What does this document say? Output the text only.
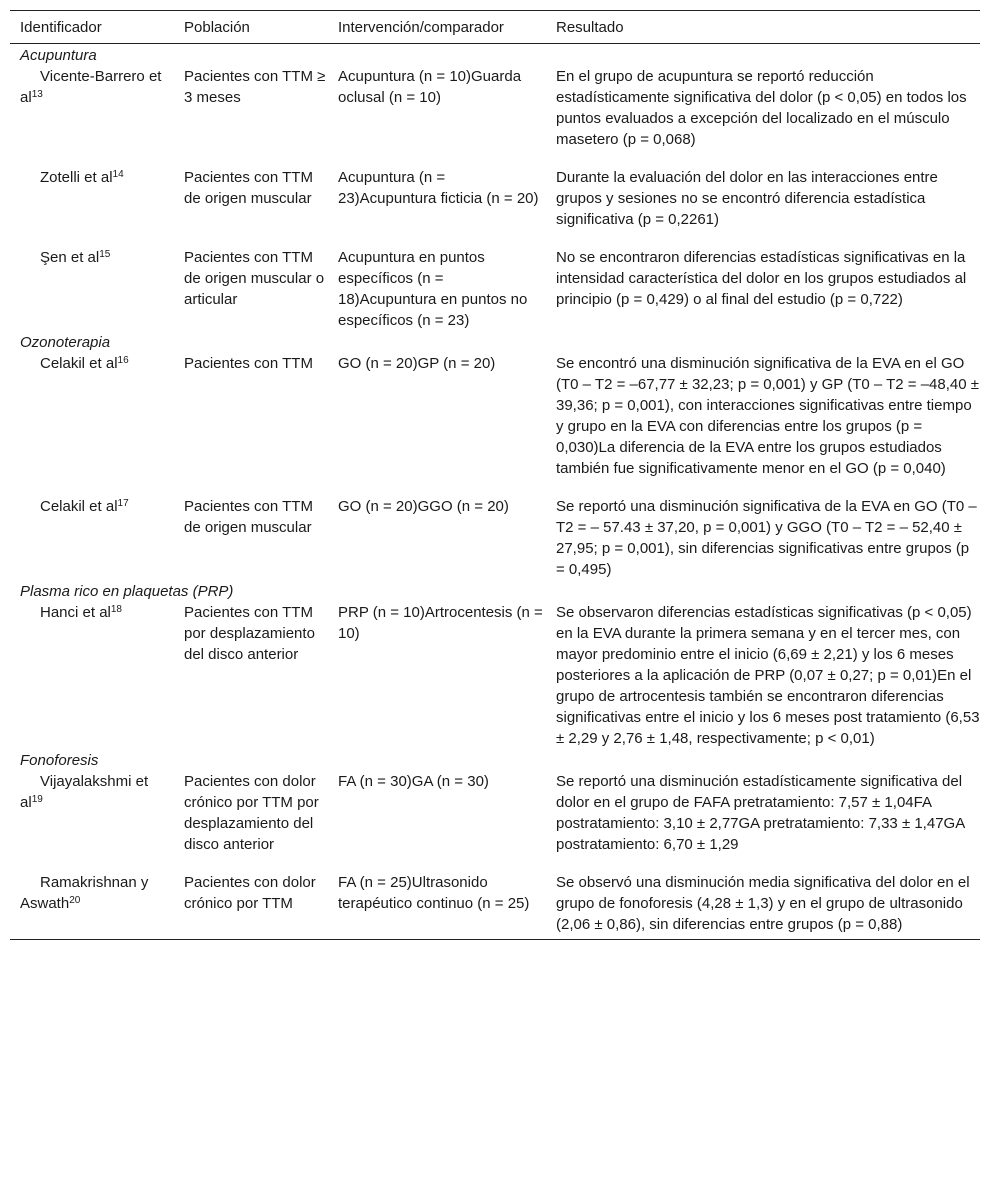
Identificador	Población	Intervención/comparador	Resultado
Acupuntura			
Vicente-Barrero et $al^{13}$	Pacientes con TTM ≥ 3 meses	Acupuntura (n = 10)Guarda oclusal (n = 10)	En el grupo de acupuntura se reportó reducción estadísticamente significativa del dolor (p < 0,05) en todos los puntos evaluados a excepción del localizado en el músculo masetero (p = 0,068)
Zotelli et $al^{14}$	Pacientes con TTM de origen muscular	Acupuntura (n = 23)Acupuntura ficticia (n = 20)	Durante la evaluación del dolor en las interacciones entre grupos y sesiones no se encontró diferencia estadística significativa (p = 0,2261)
Şen et $al^{15}$	Pacientes con TTM de origen muscular o articular	Acupuntura en puntos específicos (n = 18)Acupuntura en puntos no específicos (n = 23)	No se encontraron diferencias estadísticas significativas en la intensidad característica del dolor en los grupos estudiados al principio (p = 0,429) o al final del estudio (p = 0,722)
Ozonoterapia			
Celakil et $al^{16}$	Pacientes con TTM	GO (n = 20)GP (n = 20)	Se encontró una disminución significativa de la EVA en el GO (T0 – T2 = –67,77 ± 32,23; p = 0,001) y GP (T0 – T2 = –48,40 ± 39,36; p = 0,001), con interacciones significativas entre tiempo y grupo en la EVA con diferencias entre los grupos (p = 0,030)La diferencia de la EVA entre los grupos estudiados también fue significativamente menor en el GO (p = 0,040)
Celakil et $al^{17}$	Pacientes con TTM de origen muscular	GO (n = 20)GGO (n = 20)	Se reportó una disminución significativa de la EVA en GO (T0 – T2 = – 57.43 ± 37,20, p = 0,001) y GGO (T0 – T2 = – 52,40 ± 27,95; p = 0,001), sin diferencias significativas entre grupos (p = 0,495)
Plasma rico en plaquetas (PRP)			
Hanci et $al^{18}$	Pacientes con TTM por desplazamiento del disco anterior	PRP (n = 10)Artrocentesis (n = 10)	Se observaron diferencias estadísticas significativas (p < 0,05) en la EVA durante la primera semana y en el tercer mes, con mayor predominio entre el inicio (6,69 ± 2,21) y los 6 meses posteriores a la aplicación de PRP (0,07 ± 0,27; p = 0,01)En el grupo de artrocentesis también se encontraron diferencias significativas entre el inicio y los 6 meses post tratamiento (6,53 ± 2,29 y 2,76 ± 1,48, respectivamente; p < 0,01)
Fonoforesis			
Vijayalakshmi et $al^{19}$	Pacientes con dolor crónico por TTM por desplazamiento del disco anterior	FA (n = 30)GA (n = 30)	Se reportó una disminución estadísticamente significativa del dolor en el grupo de FAFA pretratamiento: 7,57 ± 1,04FA postratamiento: 3,10 ± 2,77GA pretratamiento: 7,33 ± 1,47GA postratamiento: 6,70 ± 1,29
Ramakrishnan y Aswath$^{20}$	Pacientes con dolor crónico por TTM	FA (n = 25)Ultrasonido terapéutico continuo (n = 25)	Se observó una disminución media significativa del dolor en el grupo de fonoforesis (4,28 ± 1,3) y en el grupo de ultrasonido (2,06 ± 0,86), sin diferencias entre grupos (p = 0,88)
